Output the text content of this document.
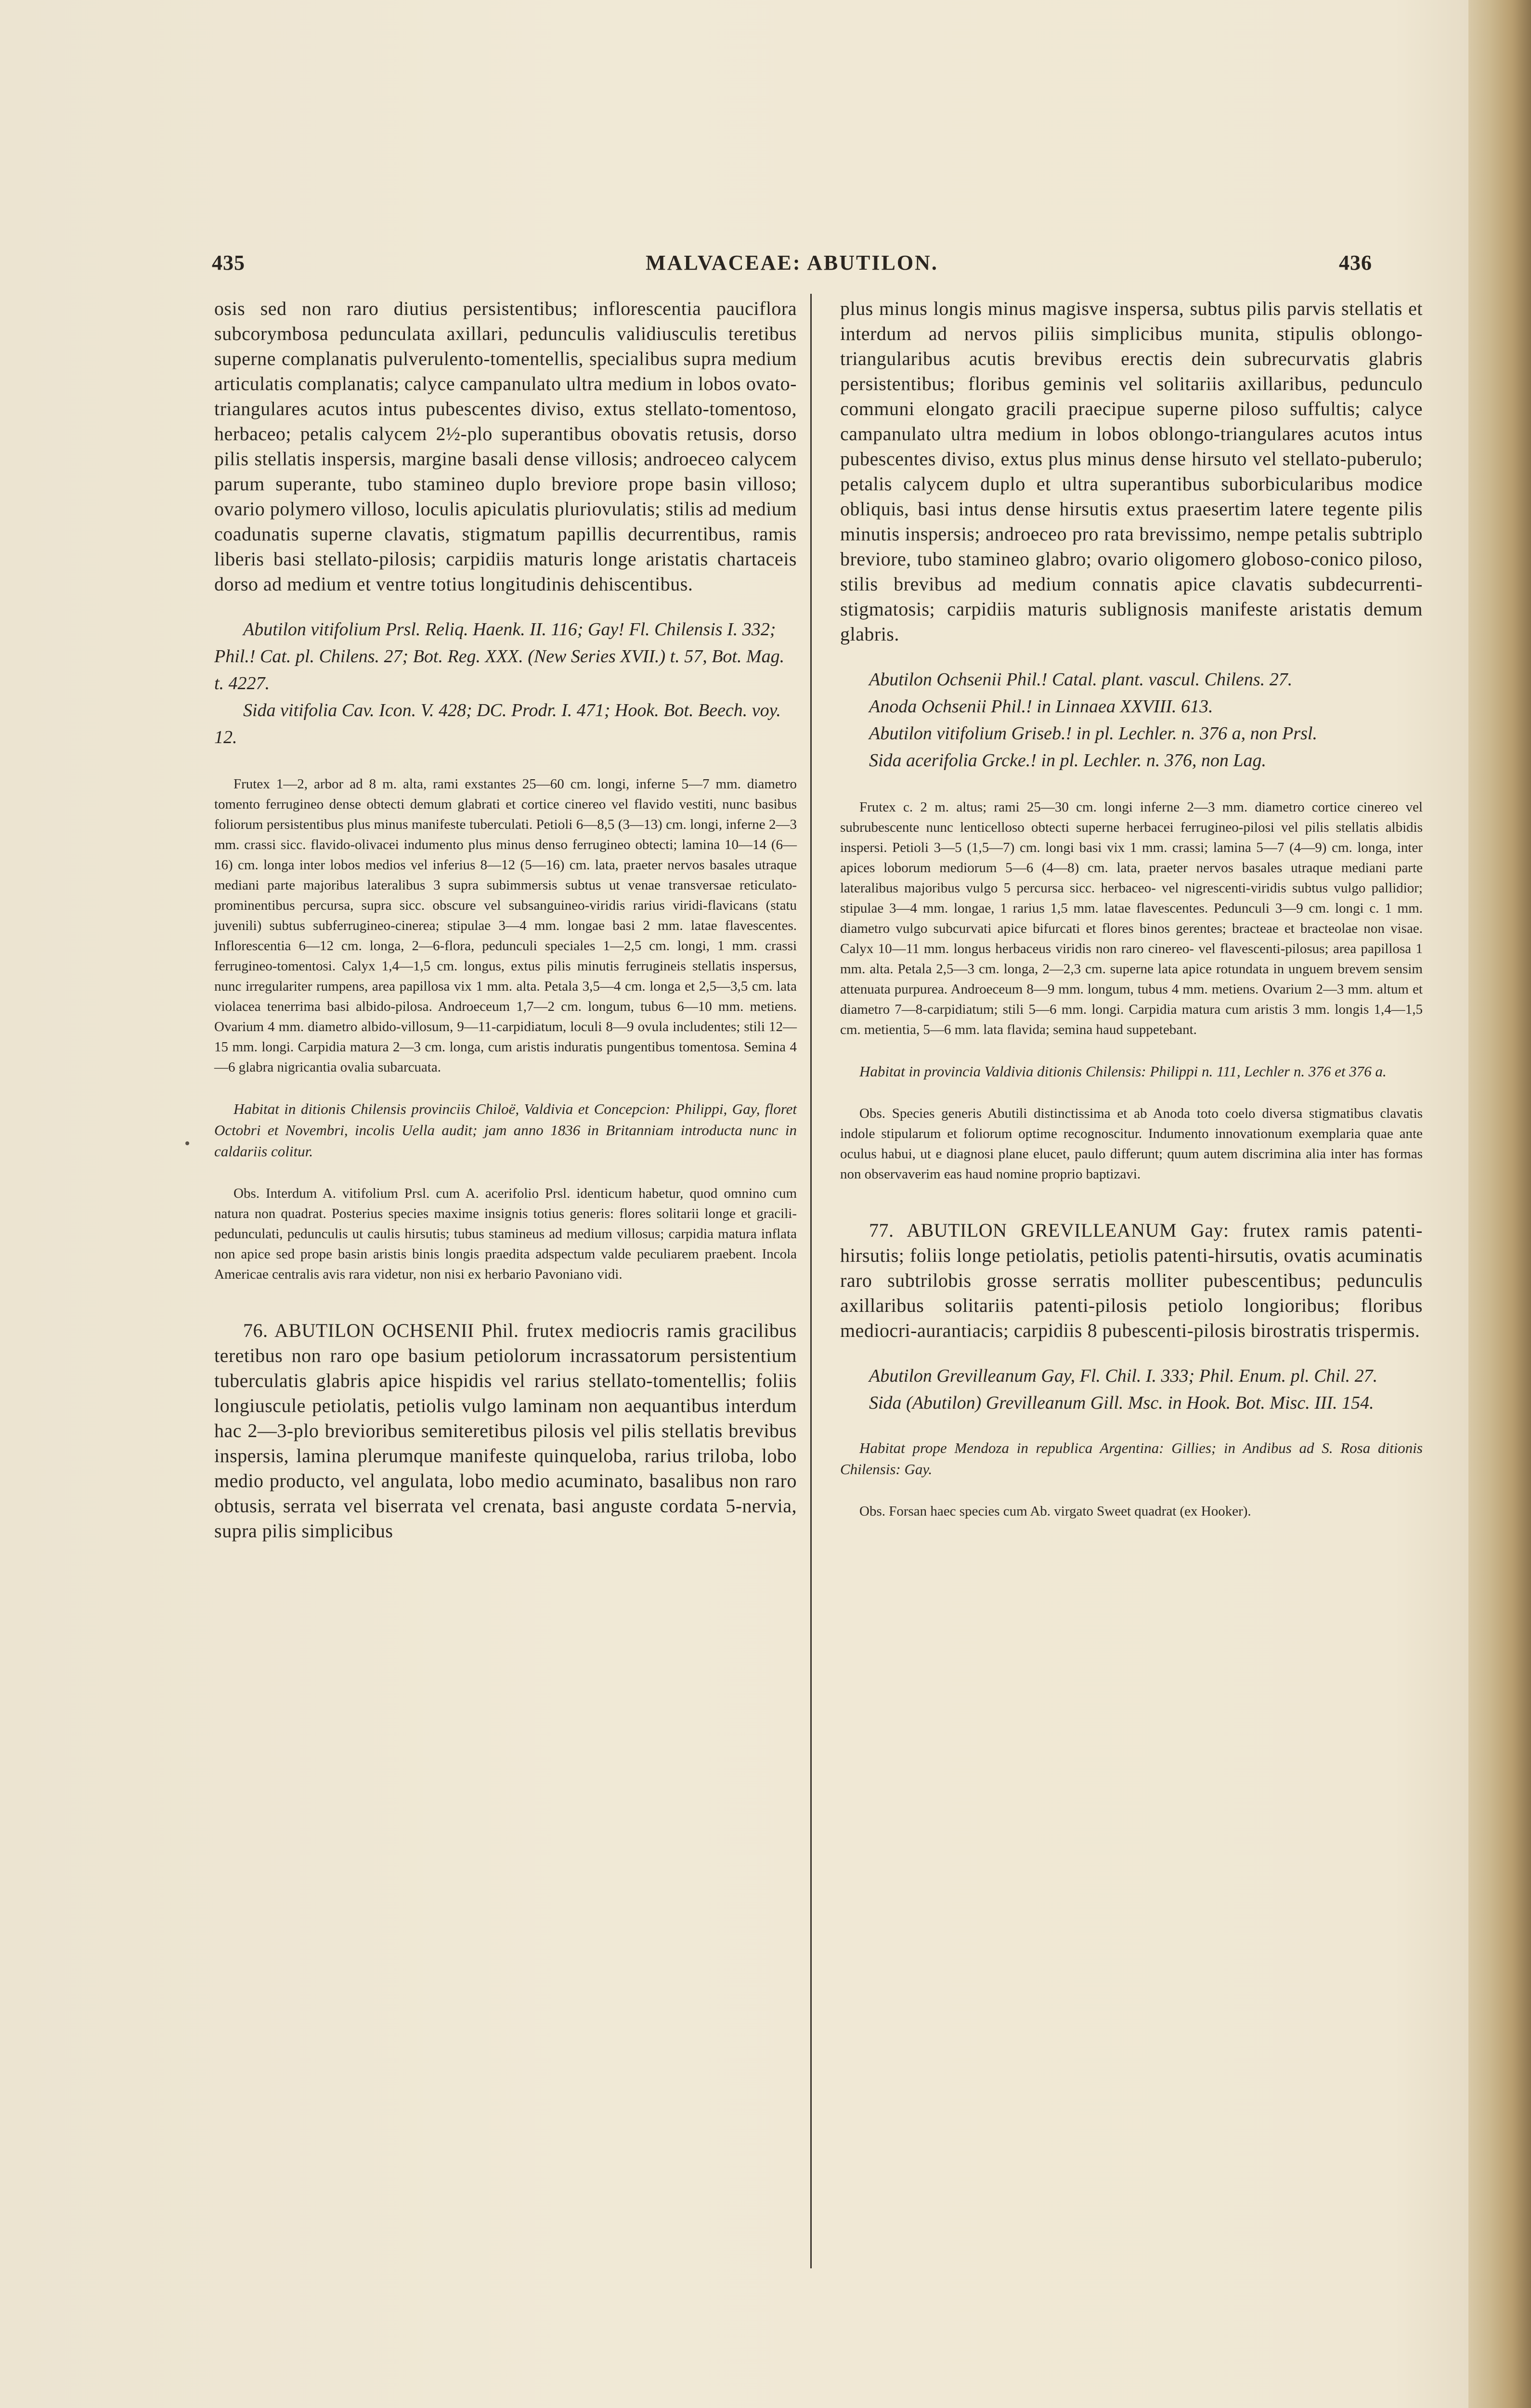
435	MALVACEAE: ABUTILON.	436

osis sed non raro diutius persistentibus; inflorescentia pauciflora subcorymbosa pedunculata axillari, pedunculis validiusculis teretibus superne complanatis pulverulento-tomentellis, specialibus supra medium articulatis complanatis; calyce campanulato ultra medium in lobos ovato-triangulares acutos intus pubescentes diviso, extus stellato-tomentoso, herbaceo; petalis calycem 2½-plo superantibus obovatis retusis, dorso pilis stellatis inspersis, margine basali dense villosis; androeceo calycem parum superante, tubo stamineo duplo breviore prope basin villoso; ovario polymero villoso, loculis apiculatis pluriovulatis; stilis ad medium coadunatis superne clavatis, stigmatum papillis decurrentibus, ramis liberis basi stellato-pilosis; carpidiis maturis longe aristatis chartaceis dorso ad medium et ventre totius longitudinis dehiscentibus.

Abutilon vitifolium Prsl. Reliq. Haenk. II. 116; Gay! Fl. Chilensis I. 332; Phil.! Cat. pl. Chilens. 27; Bot. Reg. XXX. (New Series XVII.) t. 57, Bot. Mag. t. 4227.

Sida vitifolia Cav. Icon. V. 428; DC. Prodr. I. 471; Hook. Bot. Beech. voy. 12.

Frutex 1—2, arbor ad 8 m. alta, rami exstantes 25—60 cm. longi, inferne 5—7 mm. diametro tomento ferrugineo dense obtecti demum glabrati et cortice cinereo vel flavido vestiti, nunc basibus foliorum persistentibus plus minus manifeste tuberculati. Petioli 6—8,5 (3—13) cm. longi, inferne 2—3 mm. crassi sicc. flavido-olivacei indumento plus minus denso ferrugineo obtecti; lamina 10—14 (6—16) cm. longa inter lobos medios vel inferius 8—12 (5—16) cm. lata, praeter nervos basales utraque mediani parte majoribus lateralibus 3 supra subimmersis subtus ut venae transversae reticulato-prominentibus percursa, supra sicc. obscure vel subsanguineo-viridis rarius viridi-flavicans (statu juvenili) subtus subferrugineo-cinerea; stipulae 3—4 mm. longae basi 2 mm. latae flavescentes. Inflorescentia 6—12 cm. longa, 2—6-flora, pedunculi speciales 1—2,5 cm. longi, 1 mm. crassi ferrugineo-tomentosi. Calyx 1,4—1,5 cm. longus, extus pilis minutis ferrugineis stellatis inspersus, nunc irregulariter rumpens, area papillosa vix 1 mm. alta. Petala 3,5—4 cm. longa et 2,5—3,5 cm. lata violacea tenerrima basi albido-pilosa. Androeceum 1,7—2 cm. longum, tubus 6—10 mm. metiens. Ovarium 4 mm. diametro albido-villosum, 9—11-carpidiatum, loculi 8—9 ovula includentes; stili 12—15 mm. longi. Carpidia matura 2—3 cm. longa, cum aristis induratis pungentibus tomentosa. Semina 4—6 glabra nigricantia ovalia subarcuata.

Habitat in ditionis Chilensis provinciis Chiloë, Valdivia et Concepcion: Philippi, Gay, floret Octobri et Novembri, incolis Uella audit; jam anno 1836 in Britanniam introducta nunc in caldariis colitur.

Obs. Interdum A. vitifolium Prsl. cum A. acerifolio Prsl. identicum habetur, quod omnino cum natura non quadrat. Posterius species maxime insignis totius generis: flores solitarii longe et gracili-pedunculati, pedunculis ut caulis hirsutis; tubus stamineus ad medium villosus; carpidia matura inflata non apice sed prope basin aristis binis longis praedita adspectum valde peculiarem praebent. Incola Americae centralis avis rara videtur, non nisi ex herbario Pavoniano vidi.

76. ABUTILON OCHSENII Phil. frutex mediocris ramis gracilibus teretibus non raro ope basium petiolorum incrassatorum persistentium tuberculatis glabris apice hispidis vel rarius stellato-tomentellis; foliis longiuscule petiolatis, petiolis vulgo laminam non aequantibus interdum hac 2—3-plo brevioribus semiteretibus pilosis vel pilis stellatis brevibus inspersis, lamina plerumque manifeste quinqueloba, rarius triloba, lobo medio producto, vel angulata, lobo medio acuminato, basalibus non raro obtusis, serrata vel biserrata vel crenata, basi anguste cordata 5-nervia, supra pilis simplicibus

plus minus longis minus magisve inspersa, subtus pilis parvis stellatis et interdum ad nervos piliis simplicibus munita, stipulis oblongo-triangularibus acutis brevibus erectis dein subrecurvatis glabris persistentibus; floribus geminis vel solitariis axillaribus, pedunculo communi elongato gracili praecipue superne piloso suffultis; calyce campanulato ultra medium in lobos oblongo-triangulares acutos intus pubescentes diviso, extus plus minus dense hirsuto vel stellato-puberulo; petalis calycem duplo et ultra superantibus suborbicularibus modice obliquis, basi intus dense hirsutis extus praesertim latere tegente pilis minutis inspersis; androeceo pro rata brevissimo, nempe petalis subtriplo breviore, tubo stamineo glabro; ovario oligomero globoso-conico piloso, stilis brevibus ad medium connatis apice clavatis subdecurrenti-stigmatosis; carpidiis maturis sublignosis manifeste aristatis demum glabris.

Abutilon Ochsenii Phil.! Catal. plant. vascul. Chilens. 27.

Anoda Ochsenii Phil.! in Linnaea XXVIII. 613.

Abutilon vitifolium Griseb.! in pl. Lechler. n. 376 a, non Prsl.

Sida acerifolia Grcke.! in pl. Lechler. n. 376, non Lag.

Frutex c. 2 m. altus; rami 25—30 cm. longi inferne 2—3 mm. diametro cortice cinereo vel subrubescente nunc lenticelloso obtecti superne herbacei ferrugineo-pilosi vel pilis stellatis albidis inspersi. Petioli 3—5 (1,5—7) cm. longi basi vix 1 mm. crassi; lamina 5—7 (4—9) cm. longa, inter apices loborum mediorum 5—6 (4—8) cm. lata, praeter nervos basales utraque mediani parte lateralibus majoribus vulgo 5 percursa sicc. herbaceo- vel nigrescenti-viridis subtus vulgo pallidior; stipulae 3—4 mm. longae, 1 rarius 1,5 mm. latae flavescentes. Pedunculi 3—9 cm. longi c. 1 mm. diametro vulgo subcurvati apice bifurcati et flores binos gerentes; bracteae et bracteolae non visae. Calyx 10—11 mm. longus herbaceus viridis non raro cinereo- vel flavescenti-pilosus; area papillosa 1 mm. alta. Petala 2,5—3 cm. longa, 2—2,3 cm. superne lata apice rotundata in unguem brevem sensim attenuata purpurea. Androeceum 8—9 mm. longum, tubus 4 mm. metiens. Ovarium 2—3 mm. altum et diametro 7—8-carpidiatum; stili 5—6 mm. longi. Carpidia matura cum aristis 3 mm. longis 1,4—1,5 cm. metientia, 5—6 mm. lata flavida; semina haud suppetebant.

Habitat in provincia Valdivia ditionis Chilensis: Philippi n. 111, Lechler n. 376 et 376 a.

Obs. Species generis Abutili distinctissima et ab Anoda toto coelo diversa stigmatibus clavatis indole stipularum et foliorum optime recognoscitur. Indumento innovationum exemplaria quae ante oculus habui, ut e diagnosi plane elucet, paulo differunt; quum autem discrimina alia inter has formas non observaverim eas haud nomine proprio baptizavi.

77. ABUTILON GREVILLEANUM Gay: frutex ramis patenti-hirsutis; foliis longe petiolatis, petiolis patenti-hirsutis, ovatis acuminatis raro subtrilobis grosse serratis molliter pubescentibus; pedunculis axillaribus solitariis patenti-pilosis petiolo longioribus; floribus mediocri-aurantiacis; carpidiis 8 pubescenti-pilosis birostratis trispermis.

Abutilon Grevilleanum Gay, Fl. Chil. I. 333; Phil. Enum. pl. Chil. 27.

Sida (Abutilon) Grevilleanum Gill. Msc. in Hook. Bot. Misc. III. 154.

Habitat prope Mendoza in republica Argentina: Gillies; in Andibus ad S. Rosa ditionis Chilensis: Gay.

Obs. Forsan haec species cum Ab. virgato Sweet quadrat (ex Hooker).
